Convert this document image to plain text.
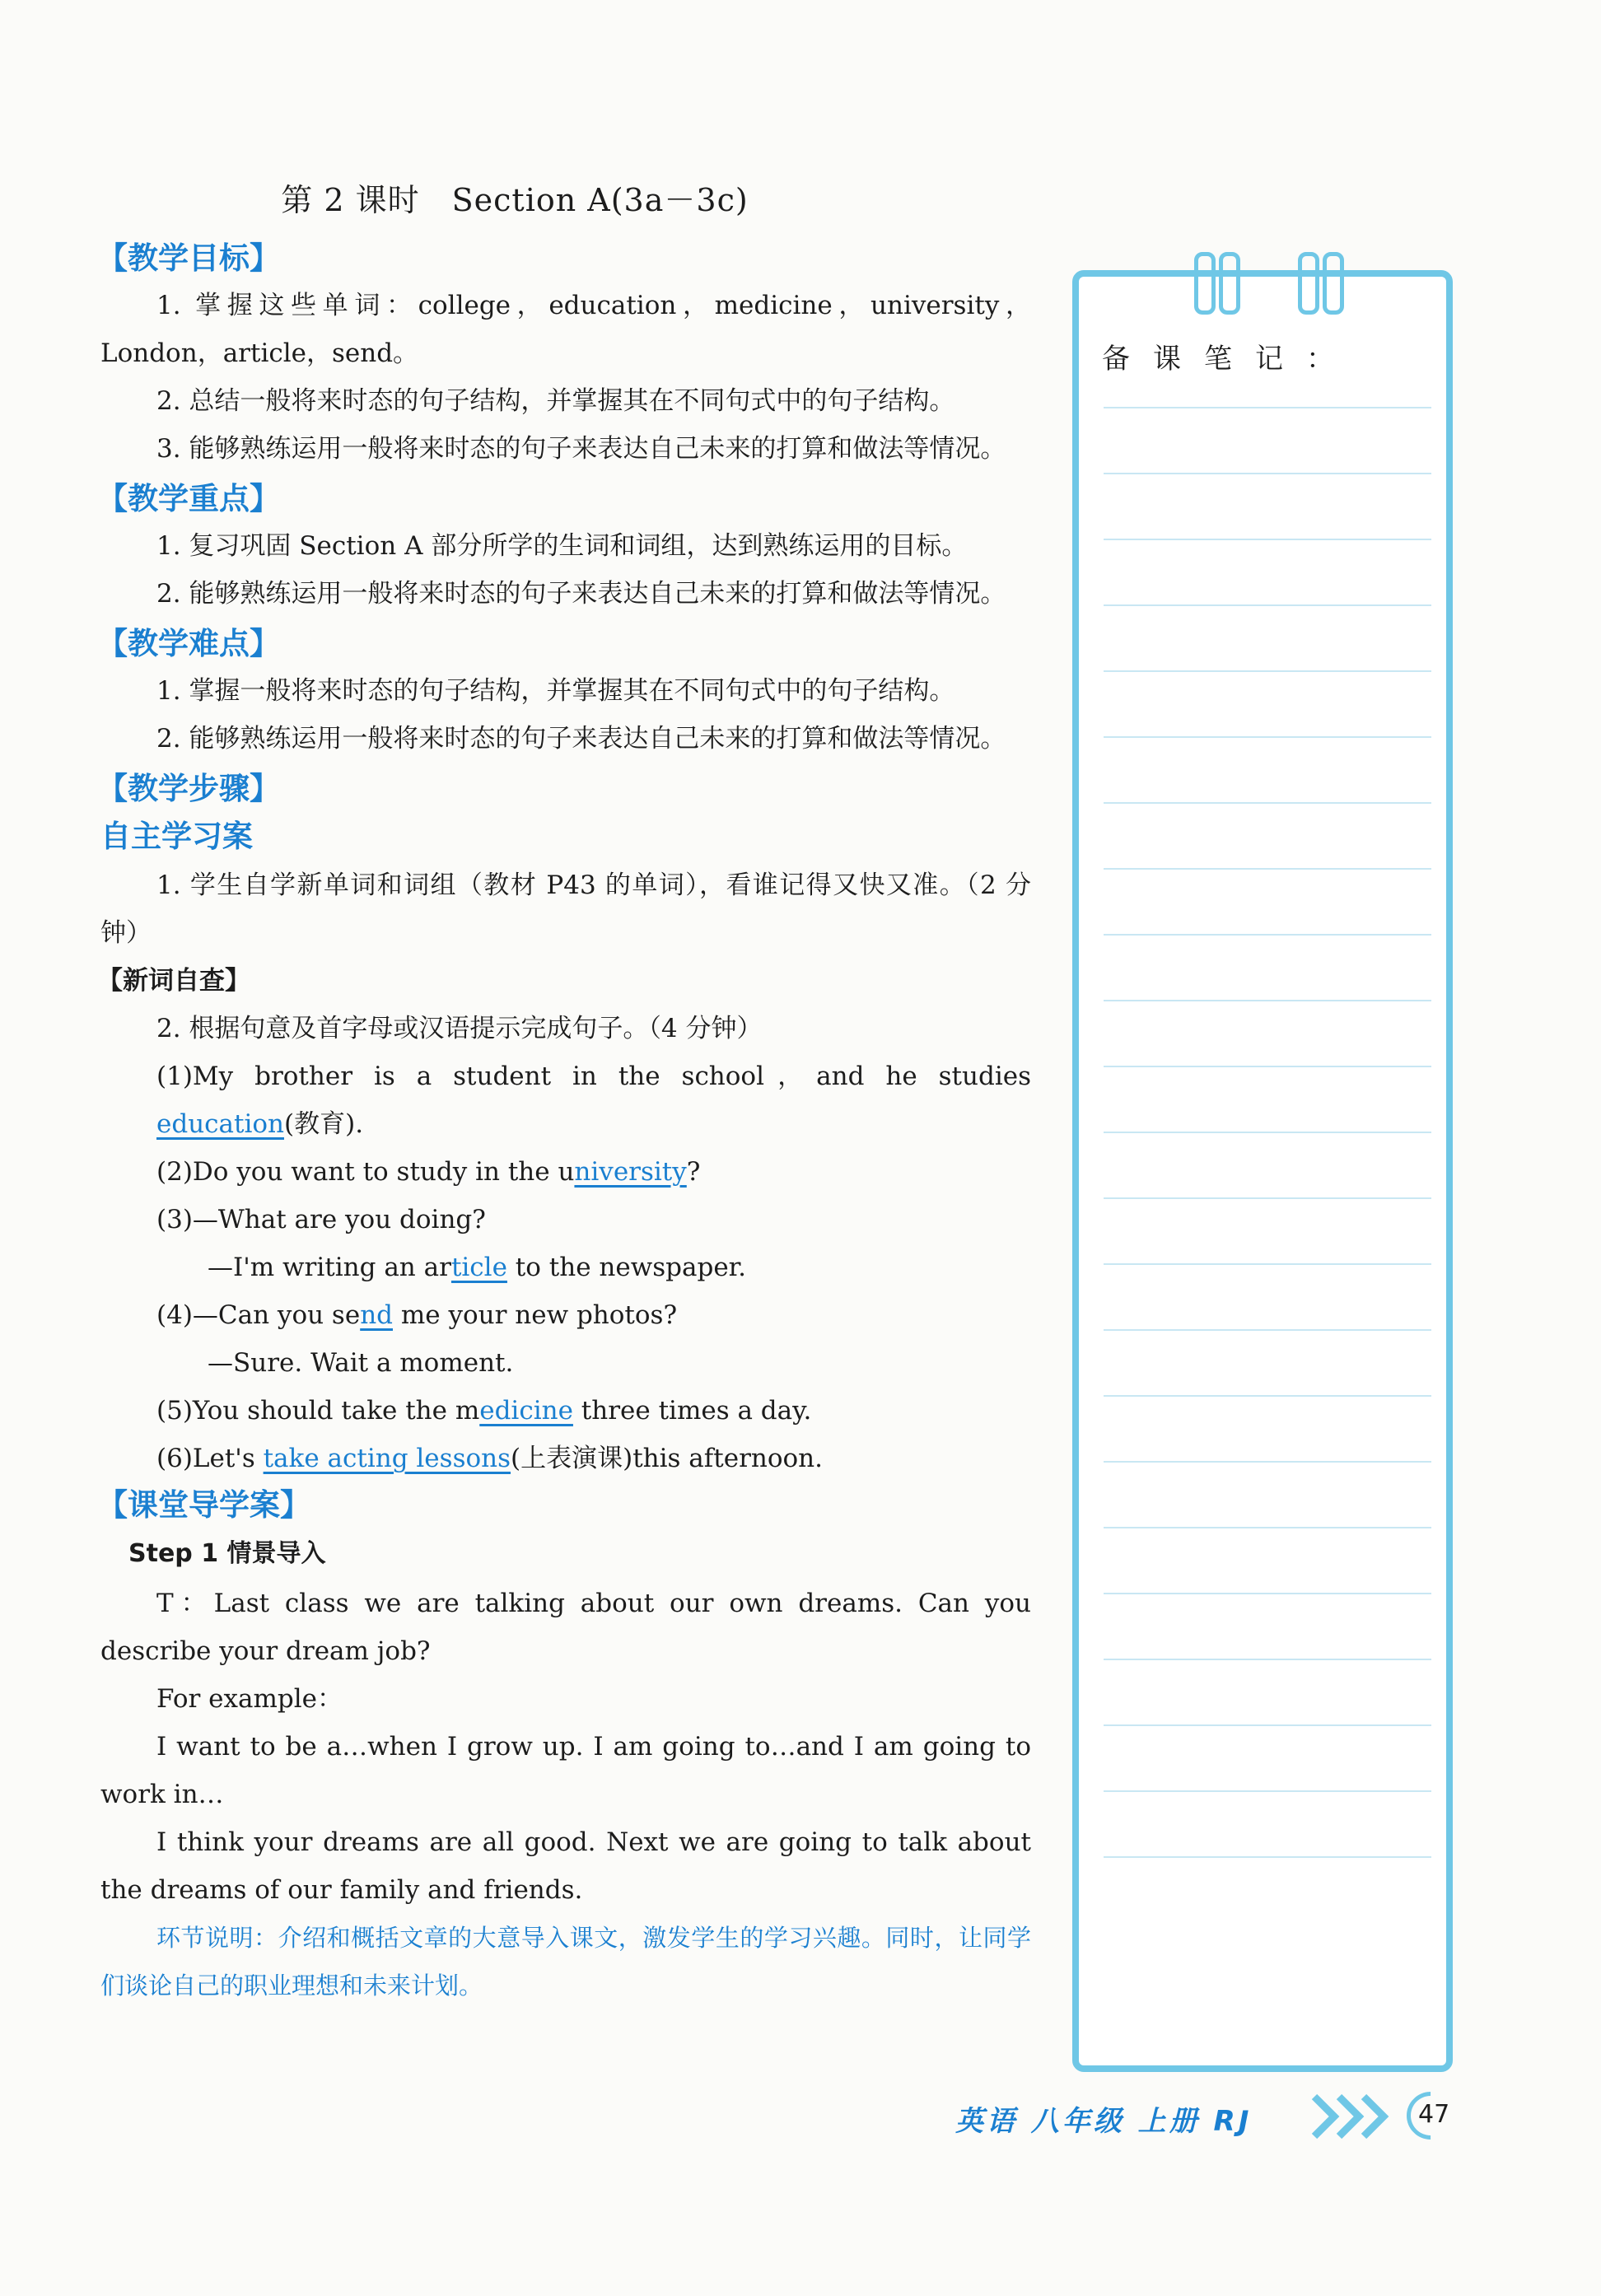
第 2 课时　Section A(3a－3c)
【教学目标】

1. 掌握这些单词：college，education，medicine，university，London，article，send。

2. 总结一般将来时态的句子结构，并掌握其在不同句式中的句子结构。

3. 能够熟练运用一般将来时态的句子来表达自己未来的打算和做法等情况。

【教学重点】

1. 复习巩固 Section A 部分所学的生词和词组，达到熟练运用的目标。

2. 能够熟练运用一般将来时态的句子来表达自己未来的打算和做法等情况。

【教学难点】

1. 掌握一般将来时态的句子结构，并掌握其在不同句式中的句子结构。

2. 能够熟练运用一般将来时态的句子来表达自己未来的打算和做法等情况。

【教学步骤】
自主学习案

1. 学生自学新单词和词组（教材 P43 的单词），看谁记得又快又准。（2 分钟）

【新词自查】

2. 根据句意及首字母或汉语提示完成句子。（4 分钟）

(1)My brother is a student in the school，and he studies education(教育).

(2)Do you want to study in the university?

(3)—What are you doing?

—I'm writing an article to the newspaper.

(4)—Can you send me your new photos?

—Sure. Wait a moment.

(5)You should take the medicine three times a day.

(6)Let's take acting lessons(上表演课)this afternoon.

【课堂导学案】
Step 1 情景导入

T：Last class we are talking about our own dreams. Can you describe your dream job?

For example：

I want to be a…when I grow up. I am going to…and I am going to work in…

I think your dreams are all good. Next we are going to talk about the dreams of our family and friends.

环节说明：介绍和概括文章的大意导入课文，激发学生的学习兴趣。同时，让同学们谈论自己的职业理想和未来计划。

备课笔记：
英语 八年级 上册 RJ	47
